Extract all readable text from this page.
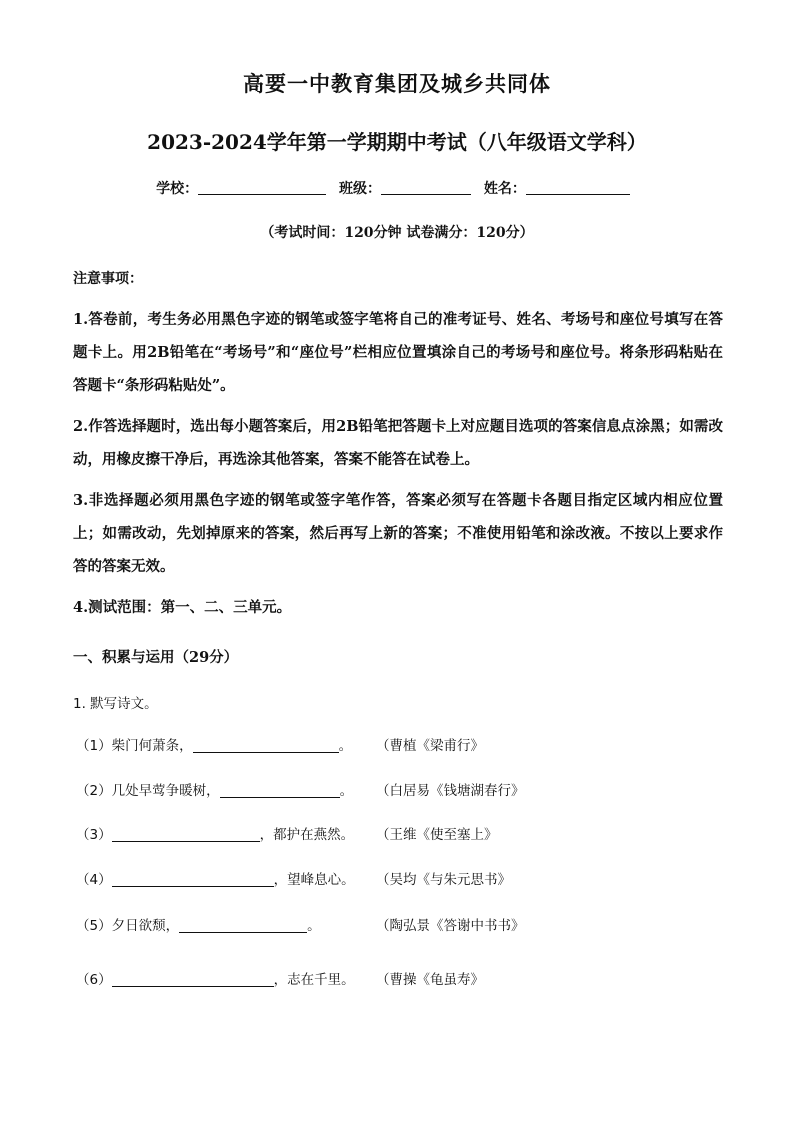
高要一中教育集团及城乡共同体
2023-2024学年第一学期期中考试（八年级语文学科）
学校：	班级：	姓名：
（考试时间：120分钟 试卷满分：120分）
注意事项：
1.答卷前，考生务必用黑色字迹的钢笔或签字笔将自己的准考证号、姓名、考场号和座位号填写在答题卡上。用2B铅笔在“考场号”和“座位号”栏相应位置填涂自己的考场号和座位号。将条形码粘贴在答题卡“条形码粘贴处”。
2.作答选择题时，选出每小题答案后，用2B铅笔把答题卡上对应题目选项的答案信息点涂黑；如需改动，用橡皮擦干净后，再选涂其他答案，答案不能答在试卷上。
3.非选择题必须用黑色字迹的钢笔或签字笔作答，答案必须写在答题卡各题目指定区域内相应位置上；如需改动，先划掉原来的答案，然后再写上新的答案；不准使用铅笔和涂改液。不按以上要求作答的答案无效。
4.测试范围：第一、二、三单元。
一、积累与运用（29分）
1. 默写诗文。
（1）柴门何萧条，	。 （曹植《梁甫行》
（2）几处早莺争暖树，	。 （白居易《钱塘湖春行》
（3）	，都护在燕然。 （王维《使至塞上》
（4）	，望峰息心。 （吴均《与朱元思书》
（5）夕日欲颓，	。	（陶弘景《答谢中书书》
（6）	，志在千里。 （曹操《龟虽寿》
